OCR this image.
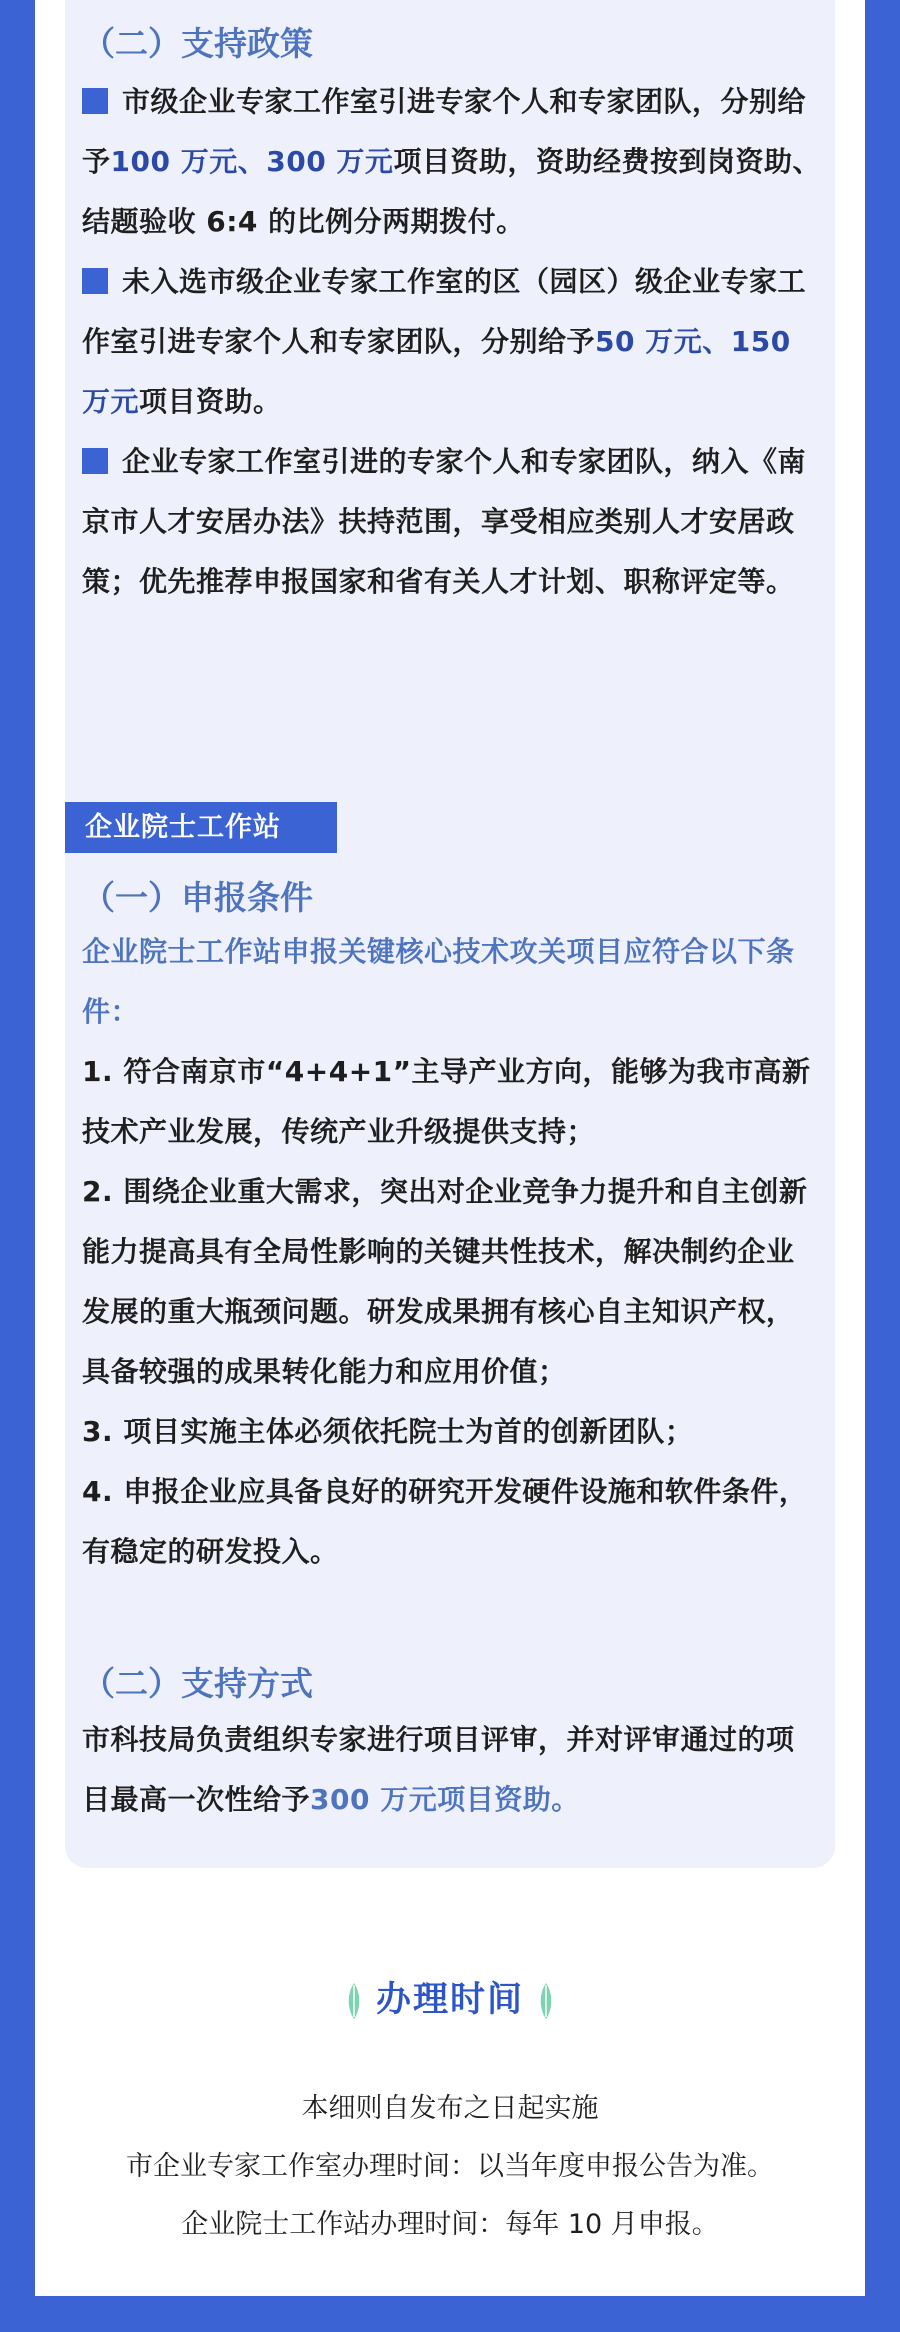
（二）支持政策
市级企业专家工作室引进专家个人和专家团队，分别给 予100 万元、300 万元项目资助，资助经费按到岗资助、结题验收 6:4 的比例分两期拨付。
未入选市级企业专家工作室的区（园区）级企业专家工作室引进专家个人和专家团队，分别给予50 万元、150 万元项目资助。
企业专家工作室引进的专家个人和专家团队，纳入《南京市人才安居办法》扶持范围，享受相应类别人才安居政策；优先推荐申报国家和省有关人才计划、职称评定等。
企业院士工作站
（一）申报条件
企业院士工作站申报关键核心技术攻关项目应符合以下条件：
1. 符合南京市“4+4+1”主导产业方向，能够为我市高新技术产业发展，传统产业升级提供支持；
2. 围绕企业重大需求，突出对企业竞争力提升和自主创新能力提高具有全局性影响的关键共性技术，解决制约企业发展的重大瓶颈问题。研发成果拥有核心自主知识产权，具备较强的成果转化能力和应用价值；
3. 项目实施主体必须依托院士为首的创新团队；
4. 申报企业应具备良好的研究开发硬件设施和软件条件，有稳定的研发投入。
（二）支持方式
市科技局负责组织专家进行项目评审，并对评审通过的项目最高一次性给予300 万元项目资助。
办理时间
本细则自发布之日起实施
市企业专家工作室办理时间：以当年度申报公告为准。
企业院士工作站办理时间：每年 10 月申报。
